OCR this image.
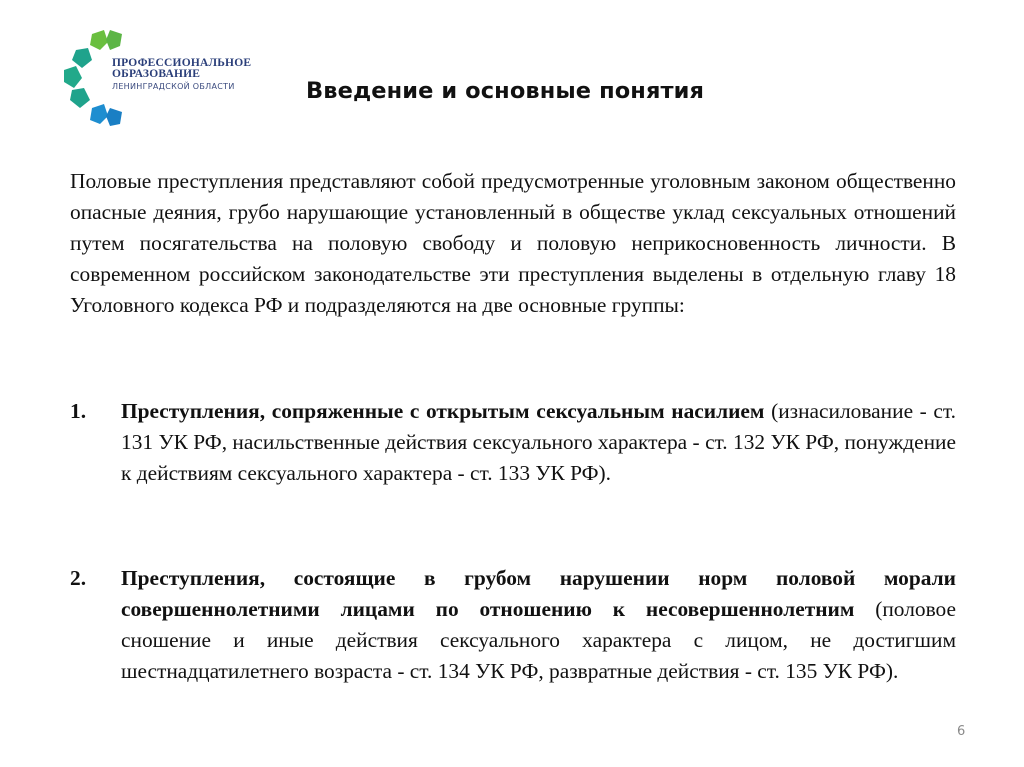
ПРОФЕССИОНАЛЬНОЕ
ОБРАЗОВАНИЕ
ЛЕНИНГРАДСКОЙ ОБЛАСТИ	Введение и основные понятия

Половые преступления представляют собой предусмотренные уголовным законом общественно опасные деяния, грубо нарушающие установленный в обществе уклад сексуальных отношений путем посягательства на половую свободу и половую неприкосновенность личности. В современном российском законодательстве эти преступления выделены в отдельную главу 18 Уголовного кодекса РФ и подразделяются на две основные группы:

1. Преступления, сопряженные с открытым сексуальным насилием (изнасилование - ст. 131 УК РФ, насильственные действия сексуального характера - ст. 132 УК РФ, понуждение к действиям сексуального характера - ст. 133 УК РФ).
2. Преступления, состоящие в грубом нарушении норм половой морали совершеннолетними лицами по отношению к несовершеннолетним (половое сношение и иные действия сексуального характера с лицом, не достигшим шестнадцатилетнего возраста - ст. 134 УК РФ, развратные действия - ст. 135 УК РФ).
6
